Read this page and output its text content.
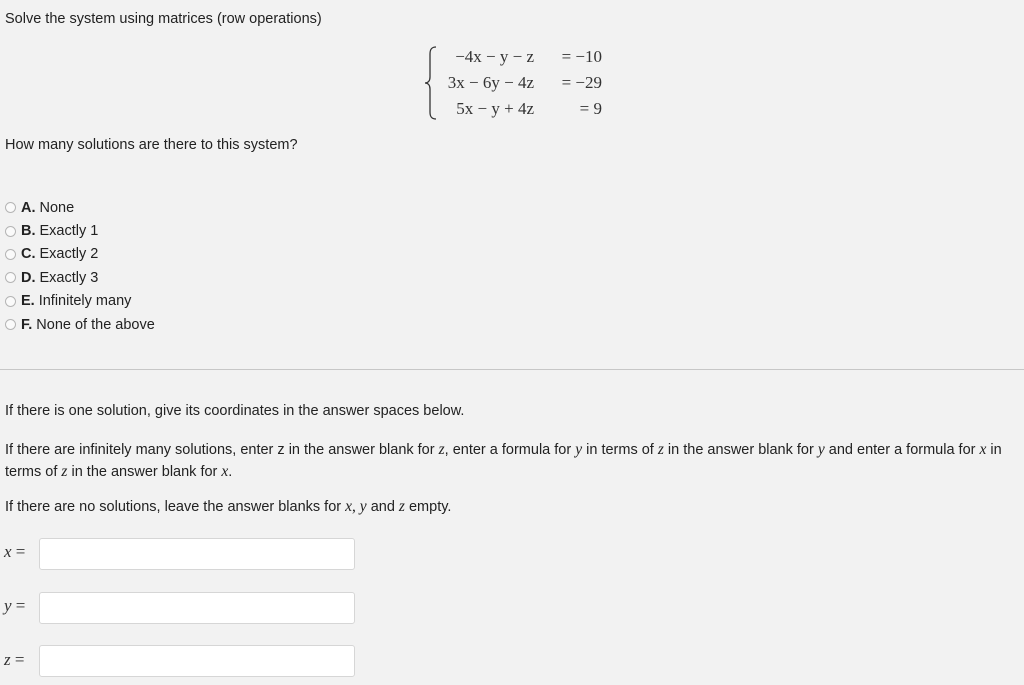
Solve the system using matrices (row operations)
−4x − y − z	= −10
3x − 6y − 4z	= −29
5x − y + 4z	= 9
How many solutions are there to this system?
A. None
B. Exactly 1
C. Exactly 2
D. Exactly 3
E. Infinitely many
F. None of the above
If there is one solution, give its coordinates in the answer spaces below.
If there are infinitely many solutions, enter z in the answer blank for z, enter a formula for y in terms of z in the answer blank for y and enter a formula for x in terms of z in the answer blank for x.
If there are no solutions, leave the answer blanks for x, y and z empty.
x =
y =
z =
